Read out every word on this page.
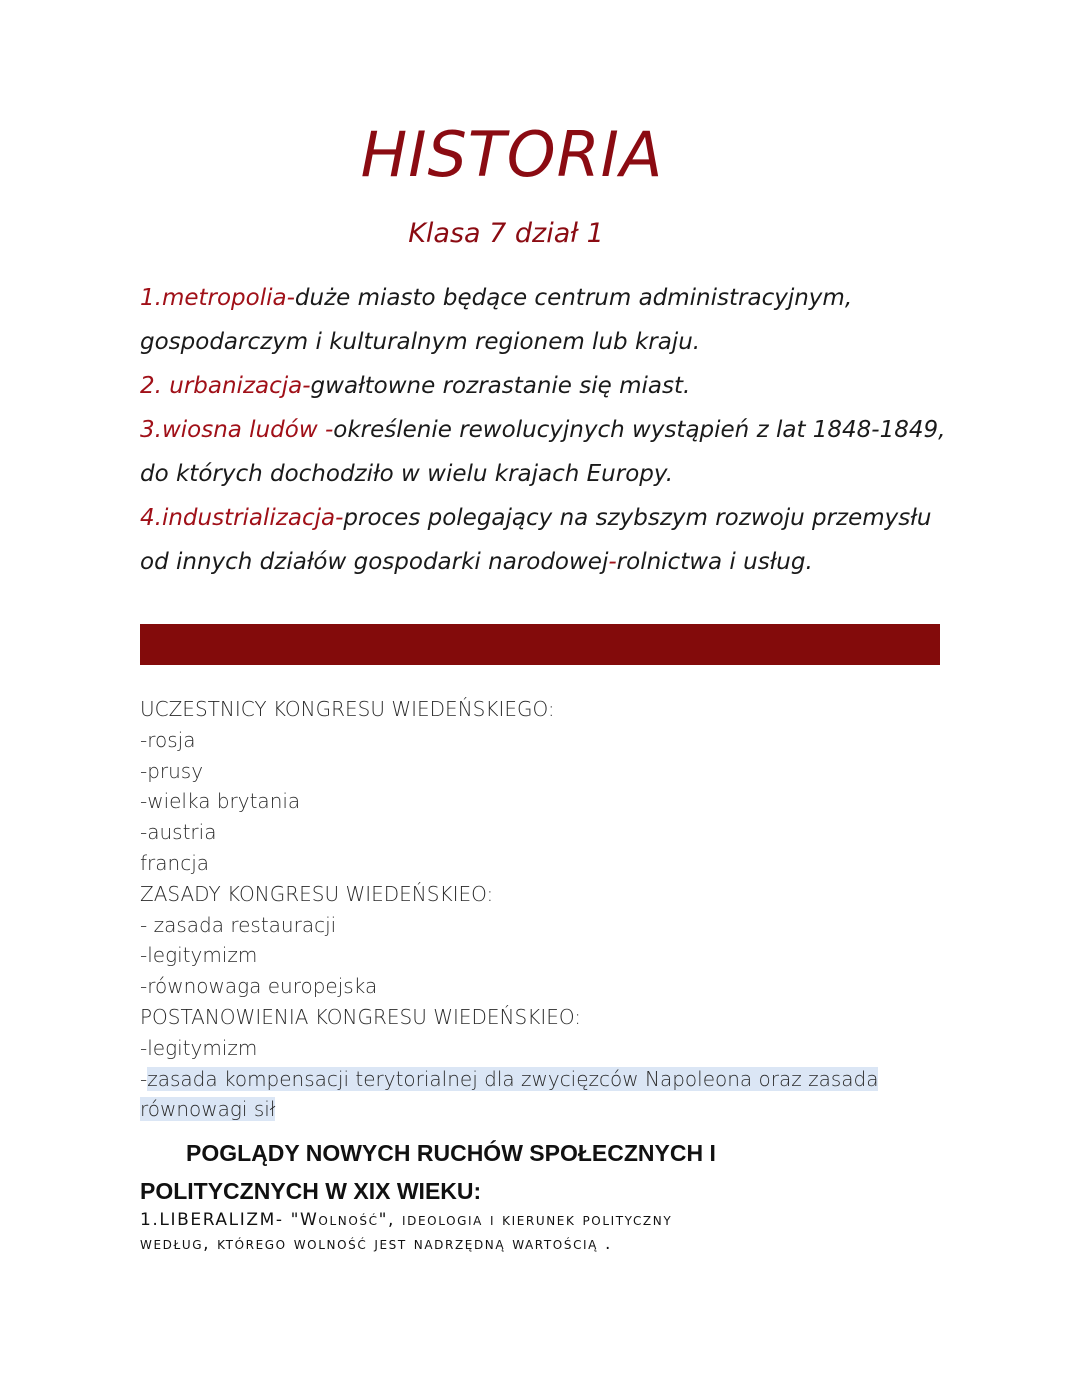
HISTORIA
Klasa 7 dział 1

1.metropolia-duże miasto będące centrum administracyjnym, gospodarczym i kulturalnym regionem lub kraju.

2. urbanizacja-gwałtowne rozrastanie się miast.

3.wiosna ludów -określenie rewolucyjnych wystąpień z lat 1848-1849, do których dochodziło w wielu krajach Europy.

4.industrializacja-proces polegający na szybszym rozwoju przemysłu od innych działów gospodarki narodowej-rolnictwa i usług.

UCZESTNICY KONGRESU WIEDEŃSKIEGO:
-rosja
-prusy
-wielka brytania
-austria
francja
ZASADY KONGRESU WIEDEŃSKIEO:
- zasada restauracji
-legitymizm
-równowaga europejska
POSTANOWIENIA KONGRESU WIEDEŃSKIEO:
-legitymizm
-zasada kompensacji terytorialnej dla zwycięzców Napoleona oraz zasada
równowagi sił
POGLĄDY NOWYCH RUCHÓW SPOŁECZNYCH I
POLITYCZNYCH W XIX WIEKU:
1.LIBERALIZM- "Wolność", ideologia i kierunek polityczny
według, którego wolność jest nadrzędną wartością .
